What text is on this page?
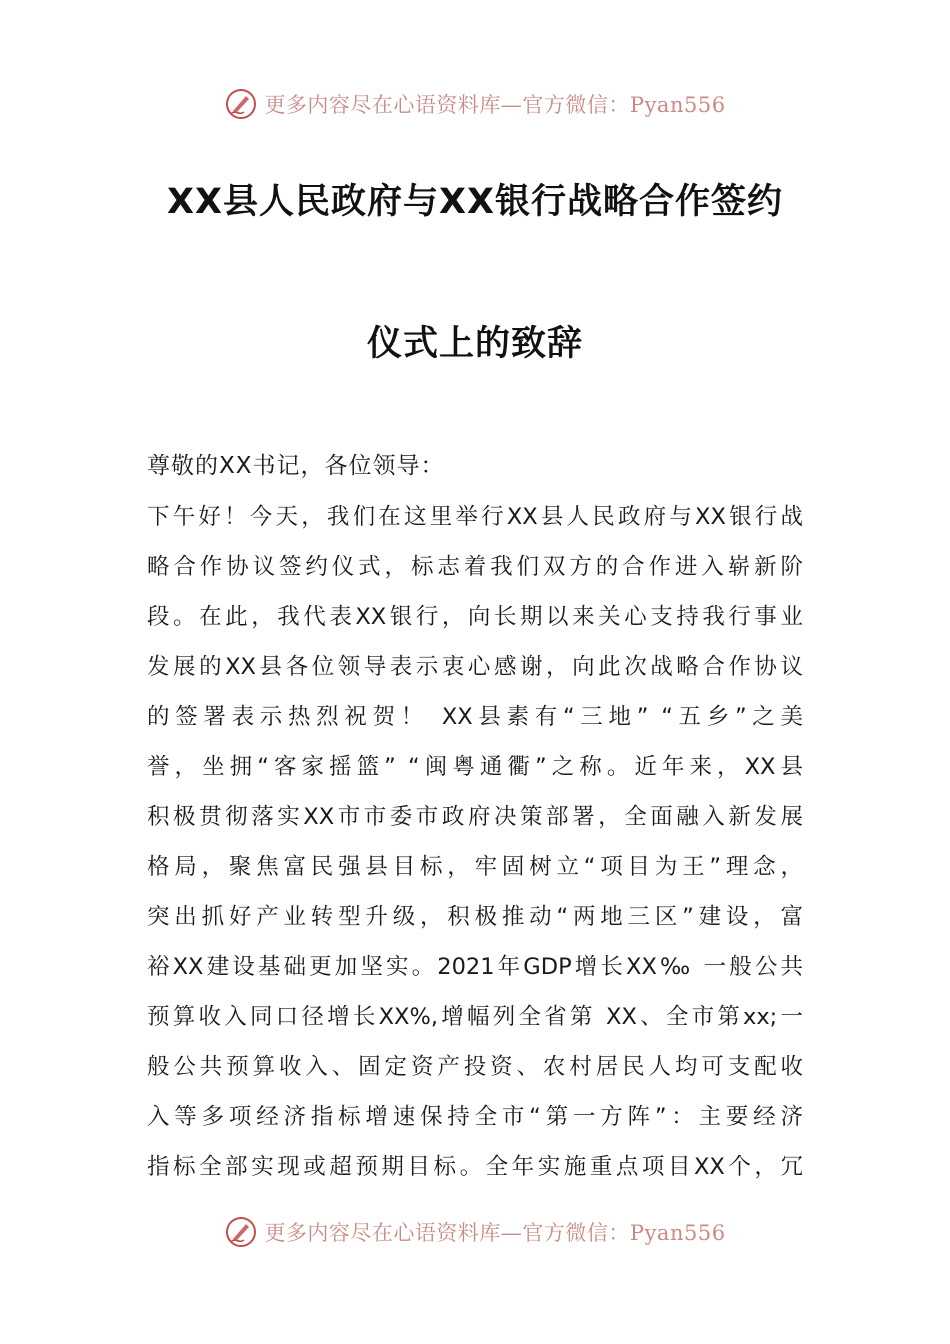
更多内容尽在心语资料库—官方微信：Pyan556
XX县人民政府与XX银行战略合作签约
仪式上的致辞
尊敬的XX书记，各位领导：
下午好！今天，我们在这里举行XX县人民政府与XX银行战
略合作协议签约仪式，标志着我们双方的合作进入崭新阶
段。在此，我代表XX银行，向长期以来关心支持我行事业
发展的XX县各位领导表示衷心感谢，向此次战略合作协议
的签署表示热烈祝贺！ XX县素有“三地” “五乡”之美
誉，坐拥“客家摇篮” “闽粤通衢”之称。近年来，XX县
积极贯彻落实XX市市委市政府决策部署，全面融入新发展
格局，聚焦富民强县目标，牢固树立“项目为王”理念，
突出抓好产业转型升级，积极推动“两地三区”建设，富
裕XX建设基础更加坚实。2021年GDP增长XX‰ 一般公共
预算收入同口径增长XX%,增幅列全省第 XX、全市第xx;一
般公共预算收入、固定资产投资、农村居民人均可支配收
入等多项经济指标增速保持全市“第一方阵”：主要经济
指标全部实现或超预期目标。全年实施重点项目XX个，冗
更多内容尽在心语资料库—官方微信：Pyan556
